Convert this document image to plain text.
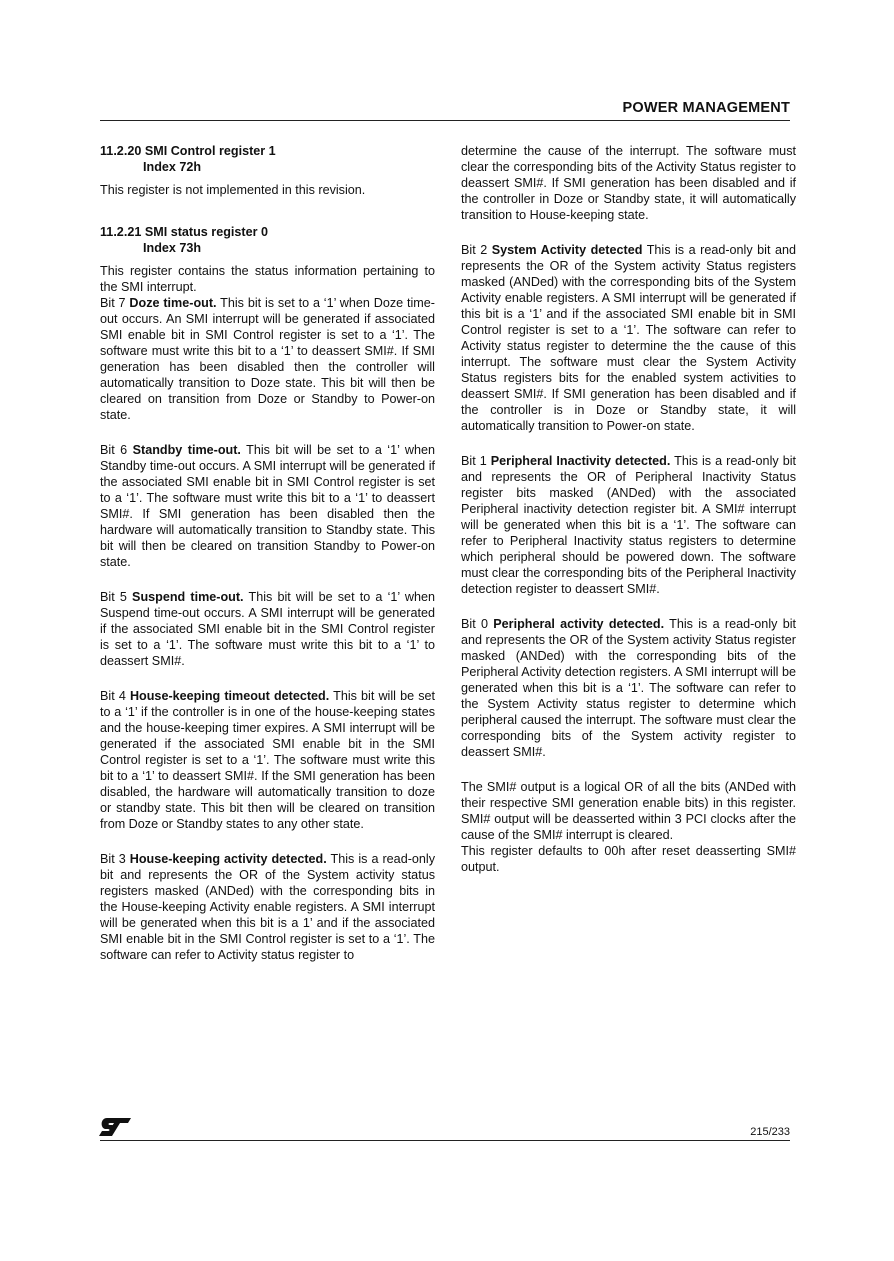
POWER MANAGEMENT

11.2.20 SMI Control register 1

Index 72h

This register is not implemented in this revision.

11.2.21 SMI status register 0

Index 73h

This register contains the status information pertaining to the SMI interrupt.

Bit 7 Doze time-out. This bit is set to a ‘1’ when Doze time-out occurs. An SMI interrupt will be generated if associated SMI enable bit in SMI Control register is set to a ‘1’. The software must write this bit to a ‘1’ to deassert SMI#. If SMI generation has been disabled then the controller will automatically transition to Doze state. This bit will then be cleared on transition from Doze or Standby to Power-on state.

Bit 6 Standby time-out. This bit will be set to a ‘1’ when Standby time-out occurs. A SMI interrupt will be generated if the associated SMI enable bit in SMI Control register is set to a ‘1’. The software must write this bit to a ‘1’ to deassert SMI#. If SMI generation has been disabled then the hardware will automatically transition to Standby state. This bit will then be cleared on transition Standby to Power-on state.

Bit 5 Suspend time-out. This bit will be set to a ‘1’ when Suspend time-out occurs. A SMI interrupt will be generated if the associated SMI enable bit in the SMI Control register is set to a ‘1’. The software must write this bit to a ‘1’ to deassert SMI#.

Bit 4 House-keeping timeout detected. This bit will be set to a ‘1’ if the controller is in one of the house-keeping states and the house-keeping timer expires. A SMI interrupt will be generated if the associated SMI enable bit in the SMI Control register is set to a ‘1’. The software must write this bit to a ‘1’ to deassert SMI#. If the SMI generation has been disabled, the hardware will automatically transition to doze or standby state. This bit then will be cleared on transition from Doze or Standby states to any other state.

Bit 3 House-keeping activity detected. This is a read-only bit and represents the OR of the System activity status registers masked (ANDed) with the corresponding bits in the House-keeping Activity enable registers. A SMI interrupt will be generated when this bit is a 1’ and if the associated SMI enable bit in the SMI Control register is set to a ‘1’. The software can refer to Activity status register to

determine the cause of the interrupt. The software must clear the corresponding bits of the Activity Status register to deassert SMI#. If SMI generation has been disabled and if the controller in Doze or Standby state, it will automatically transition to House-keeping state.

Bit 2 System Activity detected This is a read-only bit and represents the OR of the System activity Status registers masked (ANDed) with the corresponding bits of the System Activity enable registers. A SMI interrupt will be generated if this bit is a ‘1’ and if the associated SMI enable bit in SMI Control register is set to a ‘1’. The software can refer to Activity status register to determine the the cause of this interrupt. The software must clear the System Activity Status registers bits for the enabled system activities to deassert SMI#. If SMI generation has been disabled and if the controller is in Doze or Standby state, it will automatically transition to Power-on state.

Bit 1 Peripheral Inactivity detected. This is a read-only bit and represents the OR of Peripheral Inactivity Status register bits masked (ANDed) with the associated Peripheral inactivity detection register bit. A SMI# interrupt will be generated when this bit is a ‘1’. The software can refer to Peripheral Inactivity status registers to determine which peripheral should be powered down. The software must clear the corresponding bits of the Peripheral Inactivity detection register to deassert SMI#.

Bit 0 Peripheral activity detected. This is a read-only bit and represents the OR of the System activity Status register masked (ANDed) with the corresponding bits of the Peripheral Activity detection registers. A SMI interrupt will be generated when this bit is a ‘1’. The software can refer to the System Activity status register to determine which peripheral caused the interrupt. The software must clear the corresponding bits of the System activity register to deassert SMI#.

The SMI# output is a logical OR of all the bits (ANDed with their respective SMI generation enable bits) in this register. SMI# output will be deasserted within 3 PCI clocks after the cause of the SMI# interrupt is cleared.

This register defaults to 00h after reset deasserting SMI# output.

215/233
